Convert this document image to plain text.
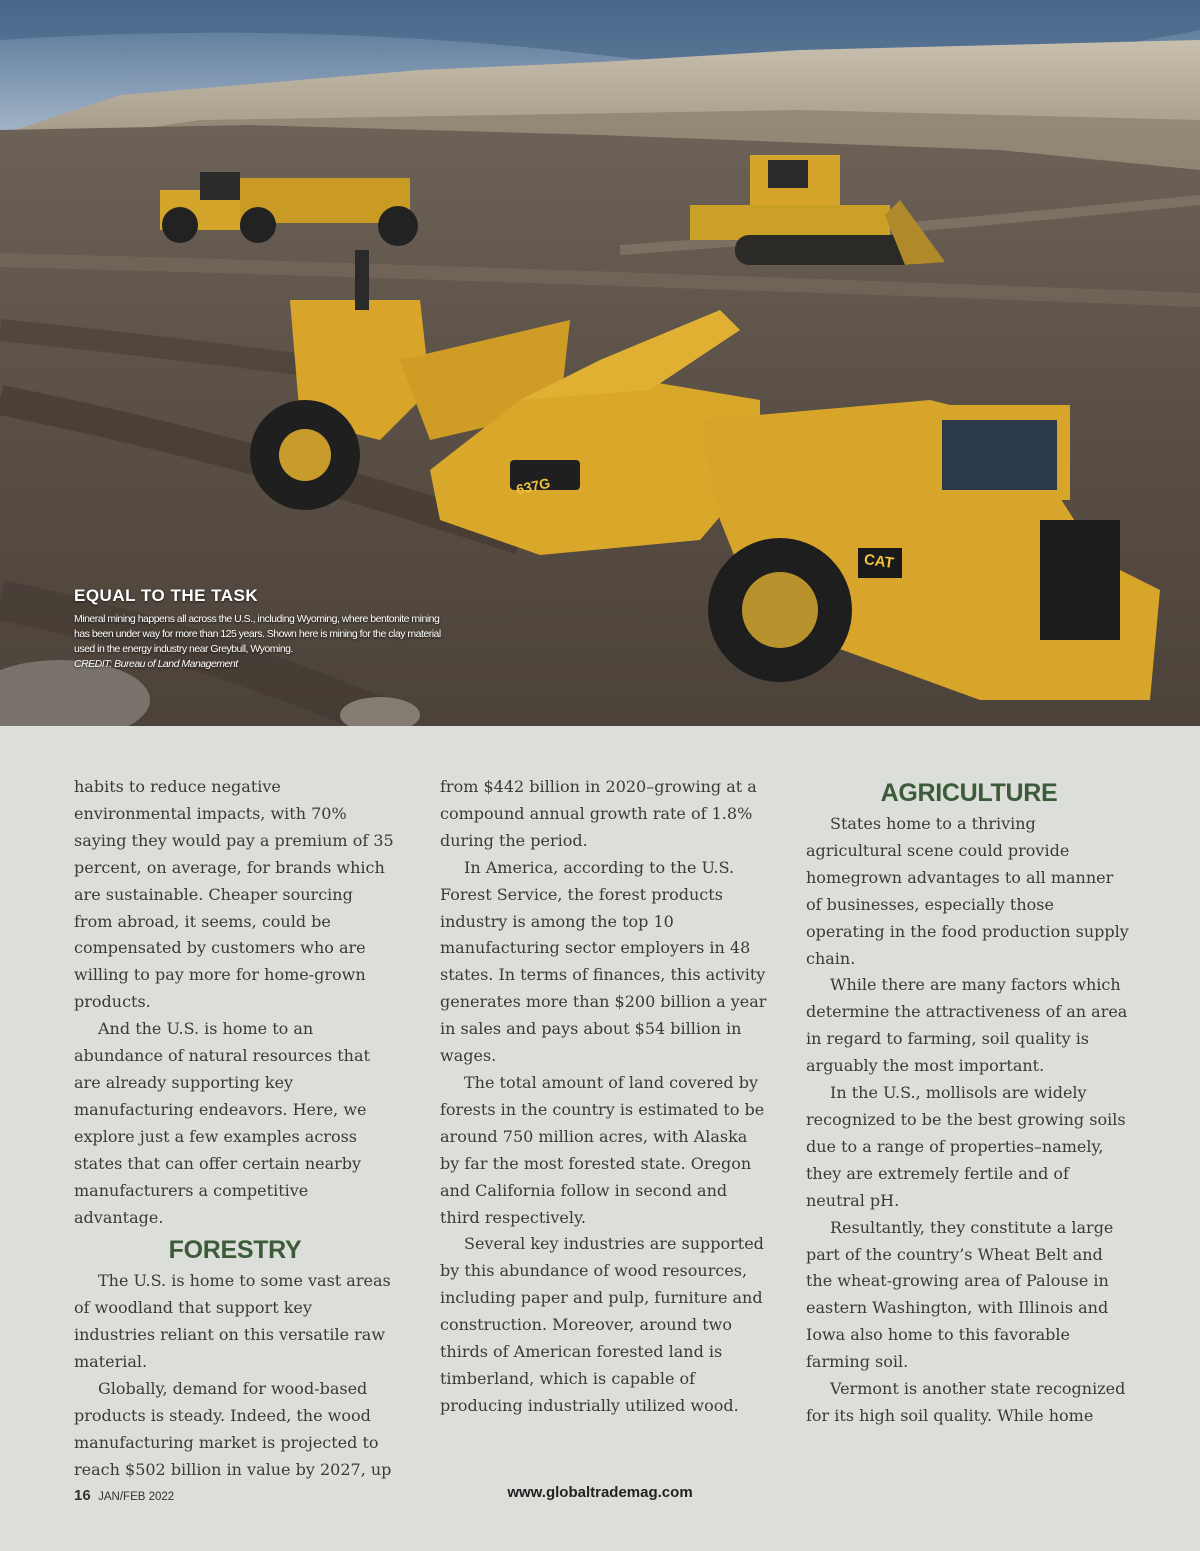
637G
CAT
EQUAL TO THE TASK
Mineral mining happens all across the U.S., including Wyoming, where bentonite mining has been under way for more than 125 years. Shown here is mining for the clay material used in the energy industry near Greybull, Wyoming.
CREDIT: Bureau of Land Management

habits to reduce negative environmental impacts, with 70% saying they would pay a premium of 35 percent, on average, for brands which are sustainable. Cheaper sourcing from abroad, it seems, could be compensated by customers who are willing to pay more for home-grown products.

And the U.S. is home to an abundance of natural resources that are already supporting key manufacturing endeavors. Here, we explore just a few examples across states that can offer certain nearby manufacturers a competitive advantage.

FORESTRY

The U.S. is home to some vast areas of woodland that support key industries reliant on this versatile raw material.

Globally, demand for wood-based products is steady. Indeed, the wood manufacturing market is projected to reach $502 billion in value by 2027, up

from $442 billion in 2020–growing at a compound annual growth rate of 1.8% during the period.

In America, according to the U.S. Forest Service, the forest products industry is among the top 10 manufacturing sector employers in 48 states. In terms of finances, this activity generates more than $200 billion a year in sales and pays about $54 billion in wages.

The total amount of land covered by forests in the country is estimated to be around 750 million acres, with Alaska by far the most forested state. Oregon and California follow in second and third respectively.

Several key industries are supported by this abundance of wood resources, including paper and pulp, furniture and construction. Moreover, around two thirds of American forested land is timberland, which is capable of producing industrially utilized wood.

AGRICULTURE

States home to a thriving agricultural scene could provide homegrown advantages to all manner of businesses, especially those operating in the food production supply chain.

While there are many factors which determine the attractiveness of an area in regard to farming, soil quality is arguably the most important.

In the U.S., mollisols are widely recognized to be the best growing soils due to a range of properties–namely, they are extremely fertile and of neutral pH.

Resultantly, they constitute a large part of the country’s Wheat Belt and the wheat-growing area of Palouse in eastern Washington, with Illinois and Iowa also home to this favorable farming soil.

Vermont is another state recognized for its high soil quality. While home

16 JAN/FEB 2022	www.globaltrademag.com
